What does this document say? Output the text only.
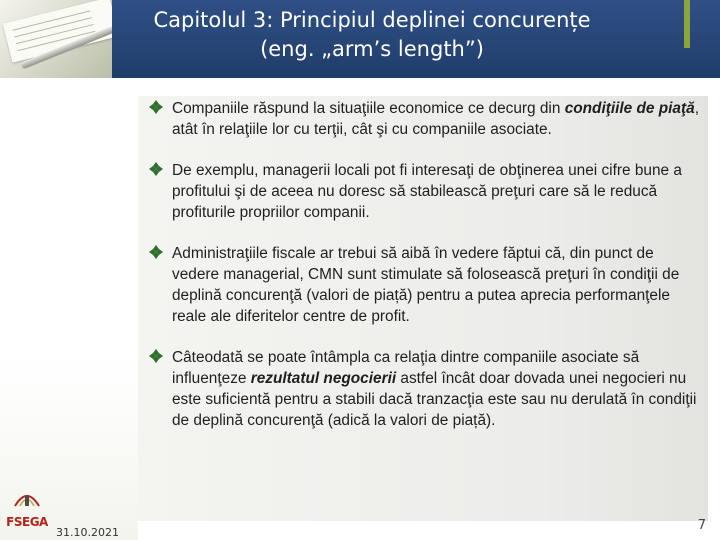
Capitolul 3: Principiul deplinei concurențe
(eng. „arm’s length”)
Companiile răspund la situaţiile economice ce decurg din condiţiile de piaţă, atât în relaţiile lor cu terţii, cât şi cu companiile asociate.
De exemplu, managerii locali pot fi interesaţi de obţinerea unei cifre bune a profitului şi de aceea nu doresc să stabilească preţuri care să le reducă profiturile propriilor companii.
Administraţiile fiscale ar trebui să aibă în vedere făptui că, din punct de vedere managerial, CMN sunt stimulate să folosească preţuri în condiţii de deplină concurenţă (valori de piață) pentru a putea aprecia performanţele reale ale diferitelor centre de profit.
Câteodată se poate întâmpla ca relaţia dintre companiile asociate să influenţeze rezultatul negocierii astfel încât doar dovada unei negocieri nu este suficientă pentru a stabili dacă tranzacţia este sau nu derulată în condiţii de deplină concurenţă (adică la valori de piață).
FSEGA
31.10.2021	7
